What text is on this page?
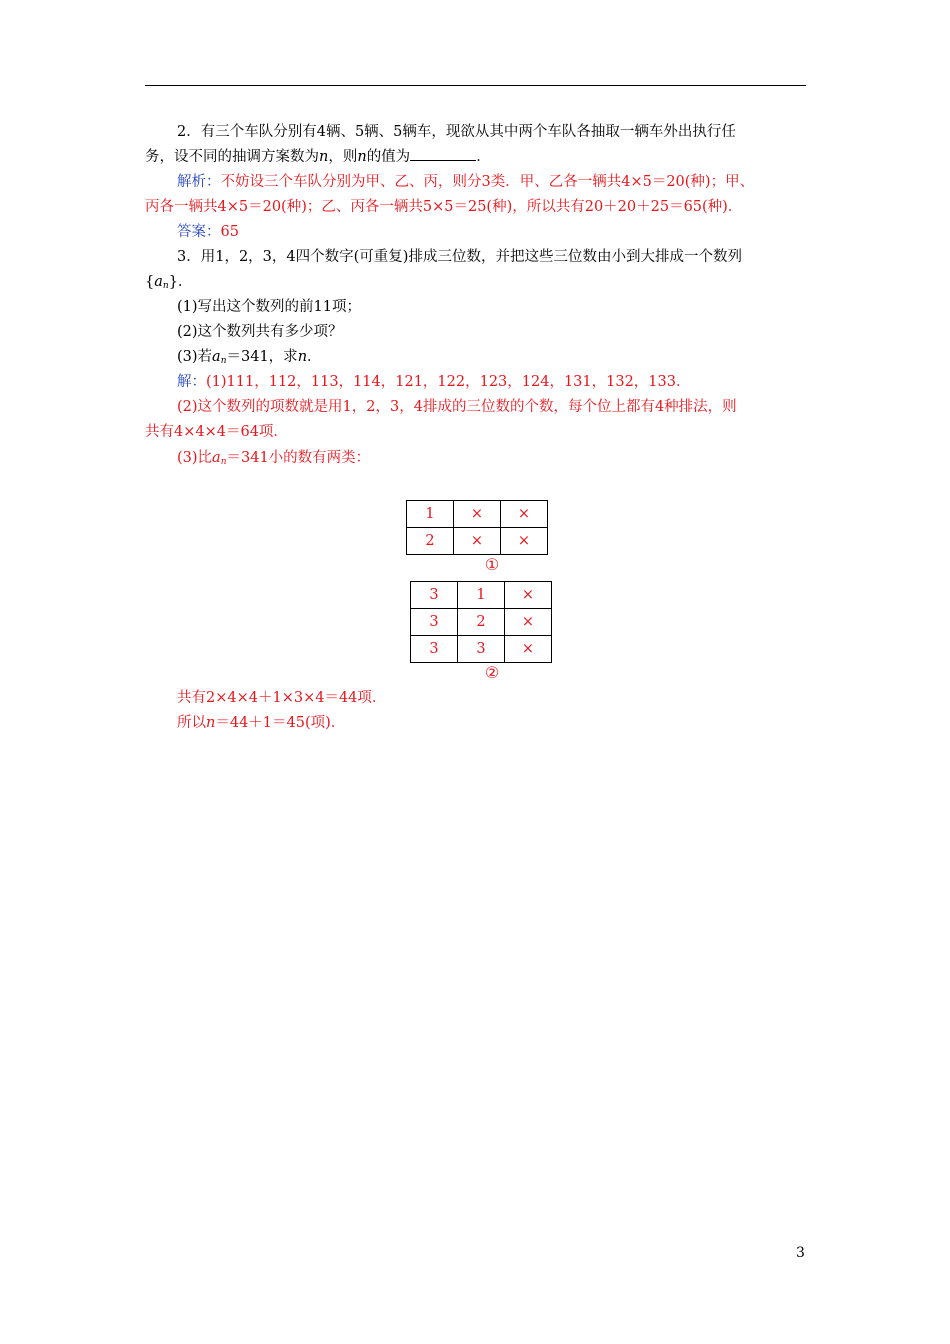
2．有三个车队分别有4辆、5辆、5辆车，现欲从其中两个车队各抽取一辆车外出执行任
务，设不同的抽调方案数为n，则n的值为	．
解析：不妨设三个车队分别为甲、乙、丙，则分3类．甲、乙各一辆共4×5＝20(种)；甲、
丙各一辆共4×5＝20(种)；乙、丙各一辆共5×5＝25(种)，所以共有20＋20＋25＝65(种)．
答案：65
3．用1，2，3，4四个数字(可重复)排成三位数，并把这些三位数由小到大排成一个数列
$\{a_n\}$．
(1)写出这个数列的前11项；
(2)这个数列共有多少项？
(3)若$a_n=341$，求n．
解：(1)111，112，113，114，121，122，123，124，131，132，133．
(2)这个数列的项数就是用1，2，3，4排成的三位数的个数，每个位上都有4种排法，则
共有4×4×4＝64项．
(3)比$a_n=341$小的数有两类：
1	×	×
2	×	×
①
3	1	×
3	2	×
3	3	×
②
共有2×4×4＋1×3×4＝44项．
所以n＝44＋1＝45(项)．
3
